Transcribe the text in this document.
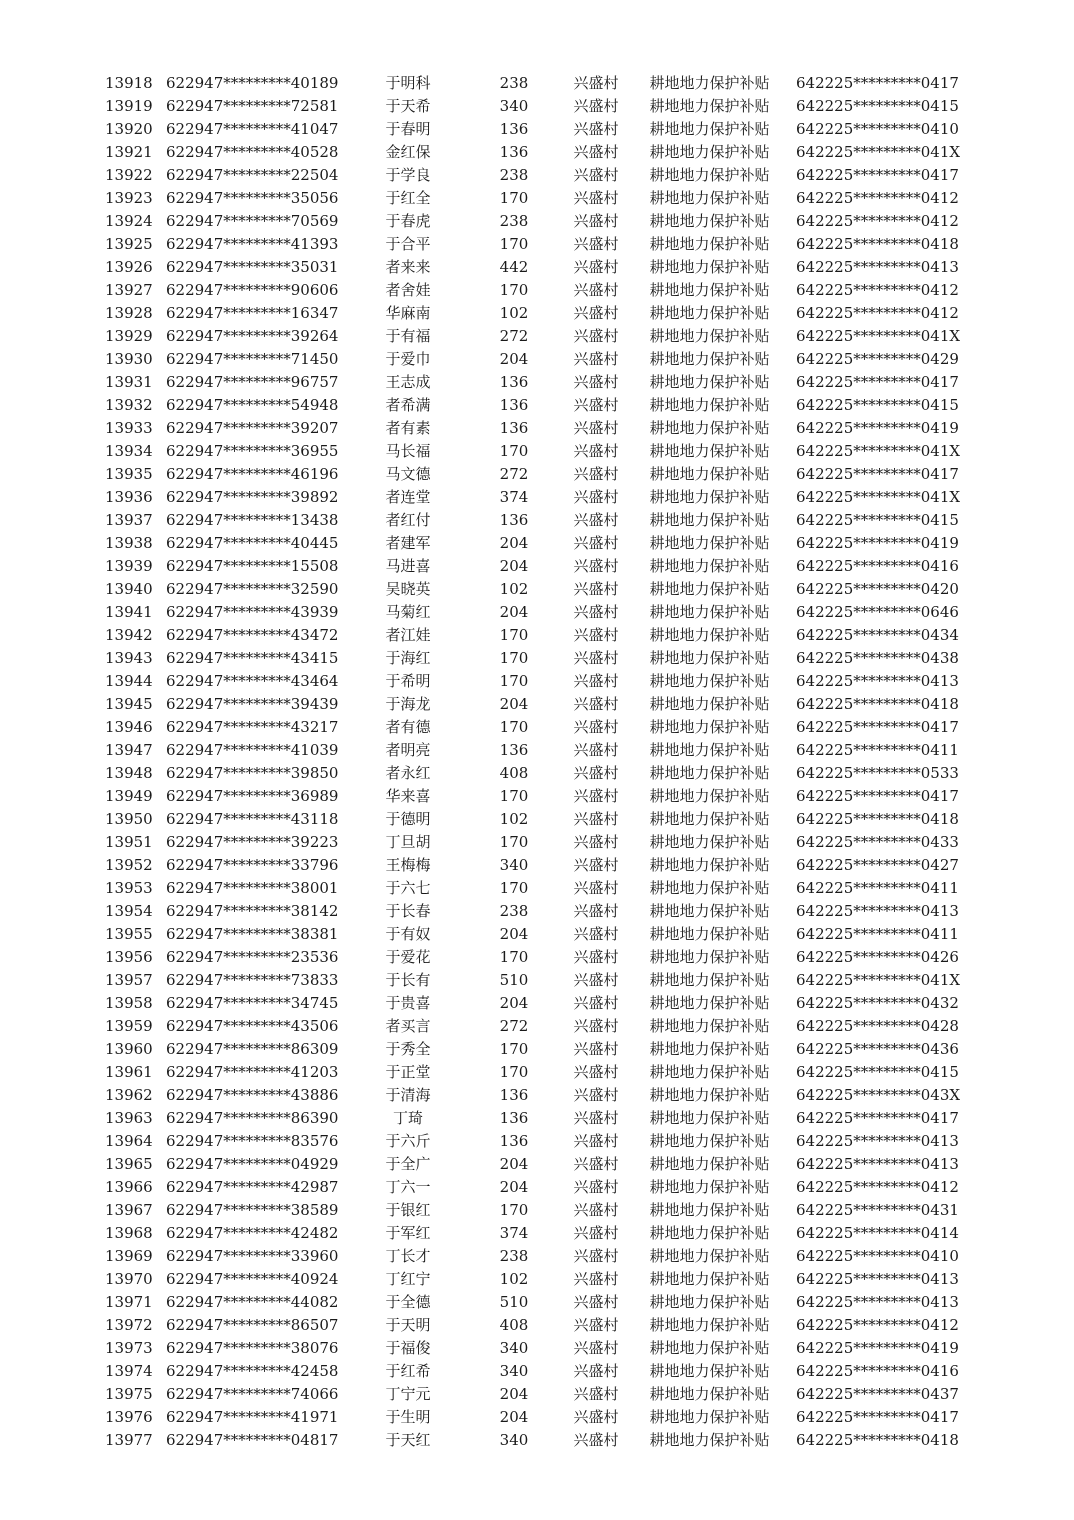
13918 622947*********40189	于明科	238	兴盛村	耕地地力保护补贴	642225*********0417
13919 622947*********72581	于天希	340	兴盛村	耕地地力保护补贴	642225*********0415
13920 622947*********41047	于春明	136	兴盛村	耕地地力保护补贴	642225*********0410
13921 622947*********40528	金红保	136	兴盛村	耕地地力保护补贴	642225*********041X
13922 622947*********22504	于学良	238	兴盛村	耕地地力保护补贴	642225*********0417
13923 622947*********35056	于红全	170	兴盛村	耕地地力保护补贴	642225*********0412
13924 622947*********70569	于春虎	238	兴盛村	耕地地力保护补贴	642225*********0412
13925 622947*********41393	于合平	170	兴盛村	耕地地力保护补贴	642225*********0418
13926 622947*********35031	者来来	442	兴盛村	耕地地力保护补贴	642225*********0413
13927 622947*********90606	者舍娃	170	兴盛村	耕地地力保护补贴	642225*********0412
13928 622947*********16347	华麻南	102	兴盛村	耕地地力保护补贴	642225*********0412
13929 622947*********39264	于有福	272	兴盛村	耕地地力保护补贴	642225*********041X
13930 622947*********71450	于爱巾	204	兴盛村	耕地地力保护补贴	642225*********0429
13931 622947*********96757	王志成	136	兴盛村	耕地地力保护补贴	642225*********0417
13932 622947*********54948	者希满	136	兴盛村	耕地地力保护补贴	642225*********0415
13933 622947*********39207	者有素	136	兴盛村	耕地地力保护补贴	642225*********0419
13934 622947*********36955	马长福	170	兴盛村	耕地地力保护补贴	642225*********041X
13935 622947*********46196	马文德	272	兴盛村	耕地地力保护补贴	642225*********0417
13936 622947*********39892	者连堂	374	兴盛村	耕地地力保护补贴	642225*********041X
13937 622947*********13438	者红付	136	兴盛村	耕地地力保护补贴	642225*********0415
13938 622947*********40445	者建军	204	兴盛村	耕地地力保护补贴	642225*********0419
13939 622947*********15508	马进喜	204	兴盛村	耕地地力保护补贴	642225*********0416
13940 622947*********32590	吴晓英	102	兴盛村	耕地地力保护补贴	642225*********0420
13941 622947*********43939	马菊红	204	兴盛村	耕地地力保护补贴	642225*********0646
13942 622947*********43472	者江娃	170	兴盛村	耕地地力保护补贴	642225*********0434
13943 622947*********43415	于海红	170	兴盛村	耕地地力保护补贴	642225*********0438
13944 622947*********43464	于希明	170	兴盛村	耕地地力保护补贴	642225*********0413
13945 622947*********39439	于海龙	204	兴盛村	耕地地力保护补贴	642225*********0418
13946 622947*********43217	者有德	170	兴盛村	耕地地力保护补贴	642225*********0417
13947 622947*********41039	者明亮	136	兴盛村	耕地地力保护补贴	642225*********0411
13948 622947*********39850	者永红	408	兴盛村	耕地地力保护补贴	642225*********0533
13949 622947*********36989	华来喜	170	兴盛村	耕地地力保护补贴	642225*********0417
13950 622947*********43118	于德明	102	兴盛村	耕地地力保护补贴	642225*********0418
13951 622947*********39223	丁旦胡	170	兴盛村	耕地地力保护补贴	642225*********0433
13952 622947*********33796	王梅梅	340	兴盛村	耕地地力保护补贴	642225*********0427
13953 622947*********38001	于六七	170	兴盛村	耕地地力保护补贴	642225*********0411
13954 622947*********38142	于长春	238	兴盛村	耕地地力保护补贴	642225*********0413
13955 622947*********38381	于有奴	204	兴盛村	耕地地力保护补贴	642225*********0411
13956 622947*********23536	于爱花	170	兴盛村	耕地地力保护补贴	642225*********0426
13957 622947*********73833	于长有	510	兴盛村	耕地地力保护补贴	642225*********041X
13958 622947*********34745	于贵喜	204	兴盛村	耕地地力保护补贴	642225*********0432
13959 622947*********43506	者买言	272	兴盛村	耕地地力保护补贴	642225*********0428
13960 622947*********86309	于秀全	170	兴盛村	耕地地力保护补贴	642225*********0436
13961 622947*********41203	于正堂	170	兴盛村	耕地地力保护补贴	642225*********0415
13962 622947*********43886	于清海	136	兴盛村	耕地地力保护补贴	642225*********043X
13963 622947*********86390	丁琦	136	兴盛村	耕地地力保护补贴	642225*********0417
13964 622947*********83576	于六斤	136	兴盛村	耕地地力保护补贴	642225*********0413
13965 622947*********04929	于全广	204	兴盛村	耕地地力保护补贴	642225*********0413
13966 622947*********42987	丁六一	204	兴盛村	耕地地力保护补贴	642225*********0412
13967 622947*********38589	于银红	170	兴盛村	耕地地力保护补贴	642225*********0431
13968 622947*********42482	于军红	374	兴盛村	耕地地力保护补贴	642225*********0414
13969 622947*********33960	丁长才	238	兴盛村	耕地地力保护补贴	642225*********0410
13970 622947*********40924	丁红宁	102	兴盛村	耕地地力保护补贴	642225*********0413
13971 622947*********44082	于全德	510	兴盛村	耕地地力保护补贴	642225*********0413
13972 622947*********86507	于天明	408	兴盛村	耕地地力保护补贴	642225*********0412
13973 622947*********38076	于福俊	340	兴盛村	耕地地力保护补贴	642225*********0419
13974 622947*********42458	于红希	340	兴盛村	耕地地力保护补贴	642225*********0416
13975 622947*********74066	丁宁元	204	兴盛村	耕地地力保护补贴	642225*********0437
13976 622947*********41971	于生明	204	兴盛村	耕地地力保护补贴	642225*********0417
13977 622947*********04817	于天红	340	兴盛村	耕地地力保护补贴	642225*********0418
